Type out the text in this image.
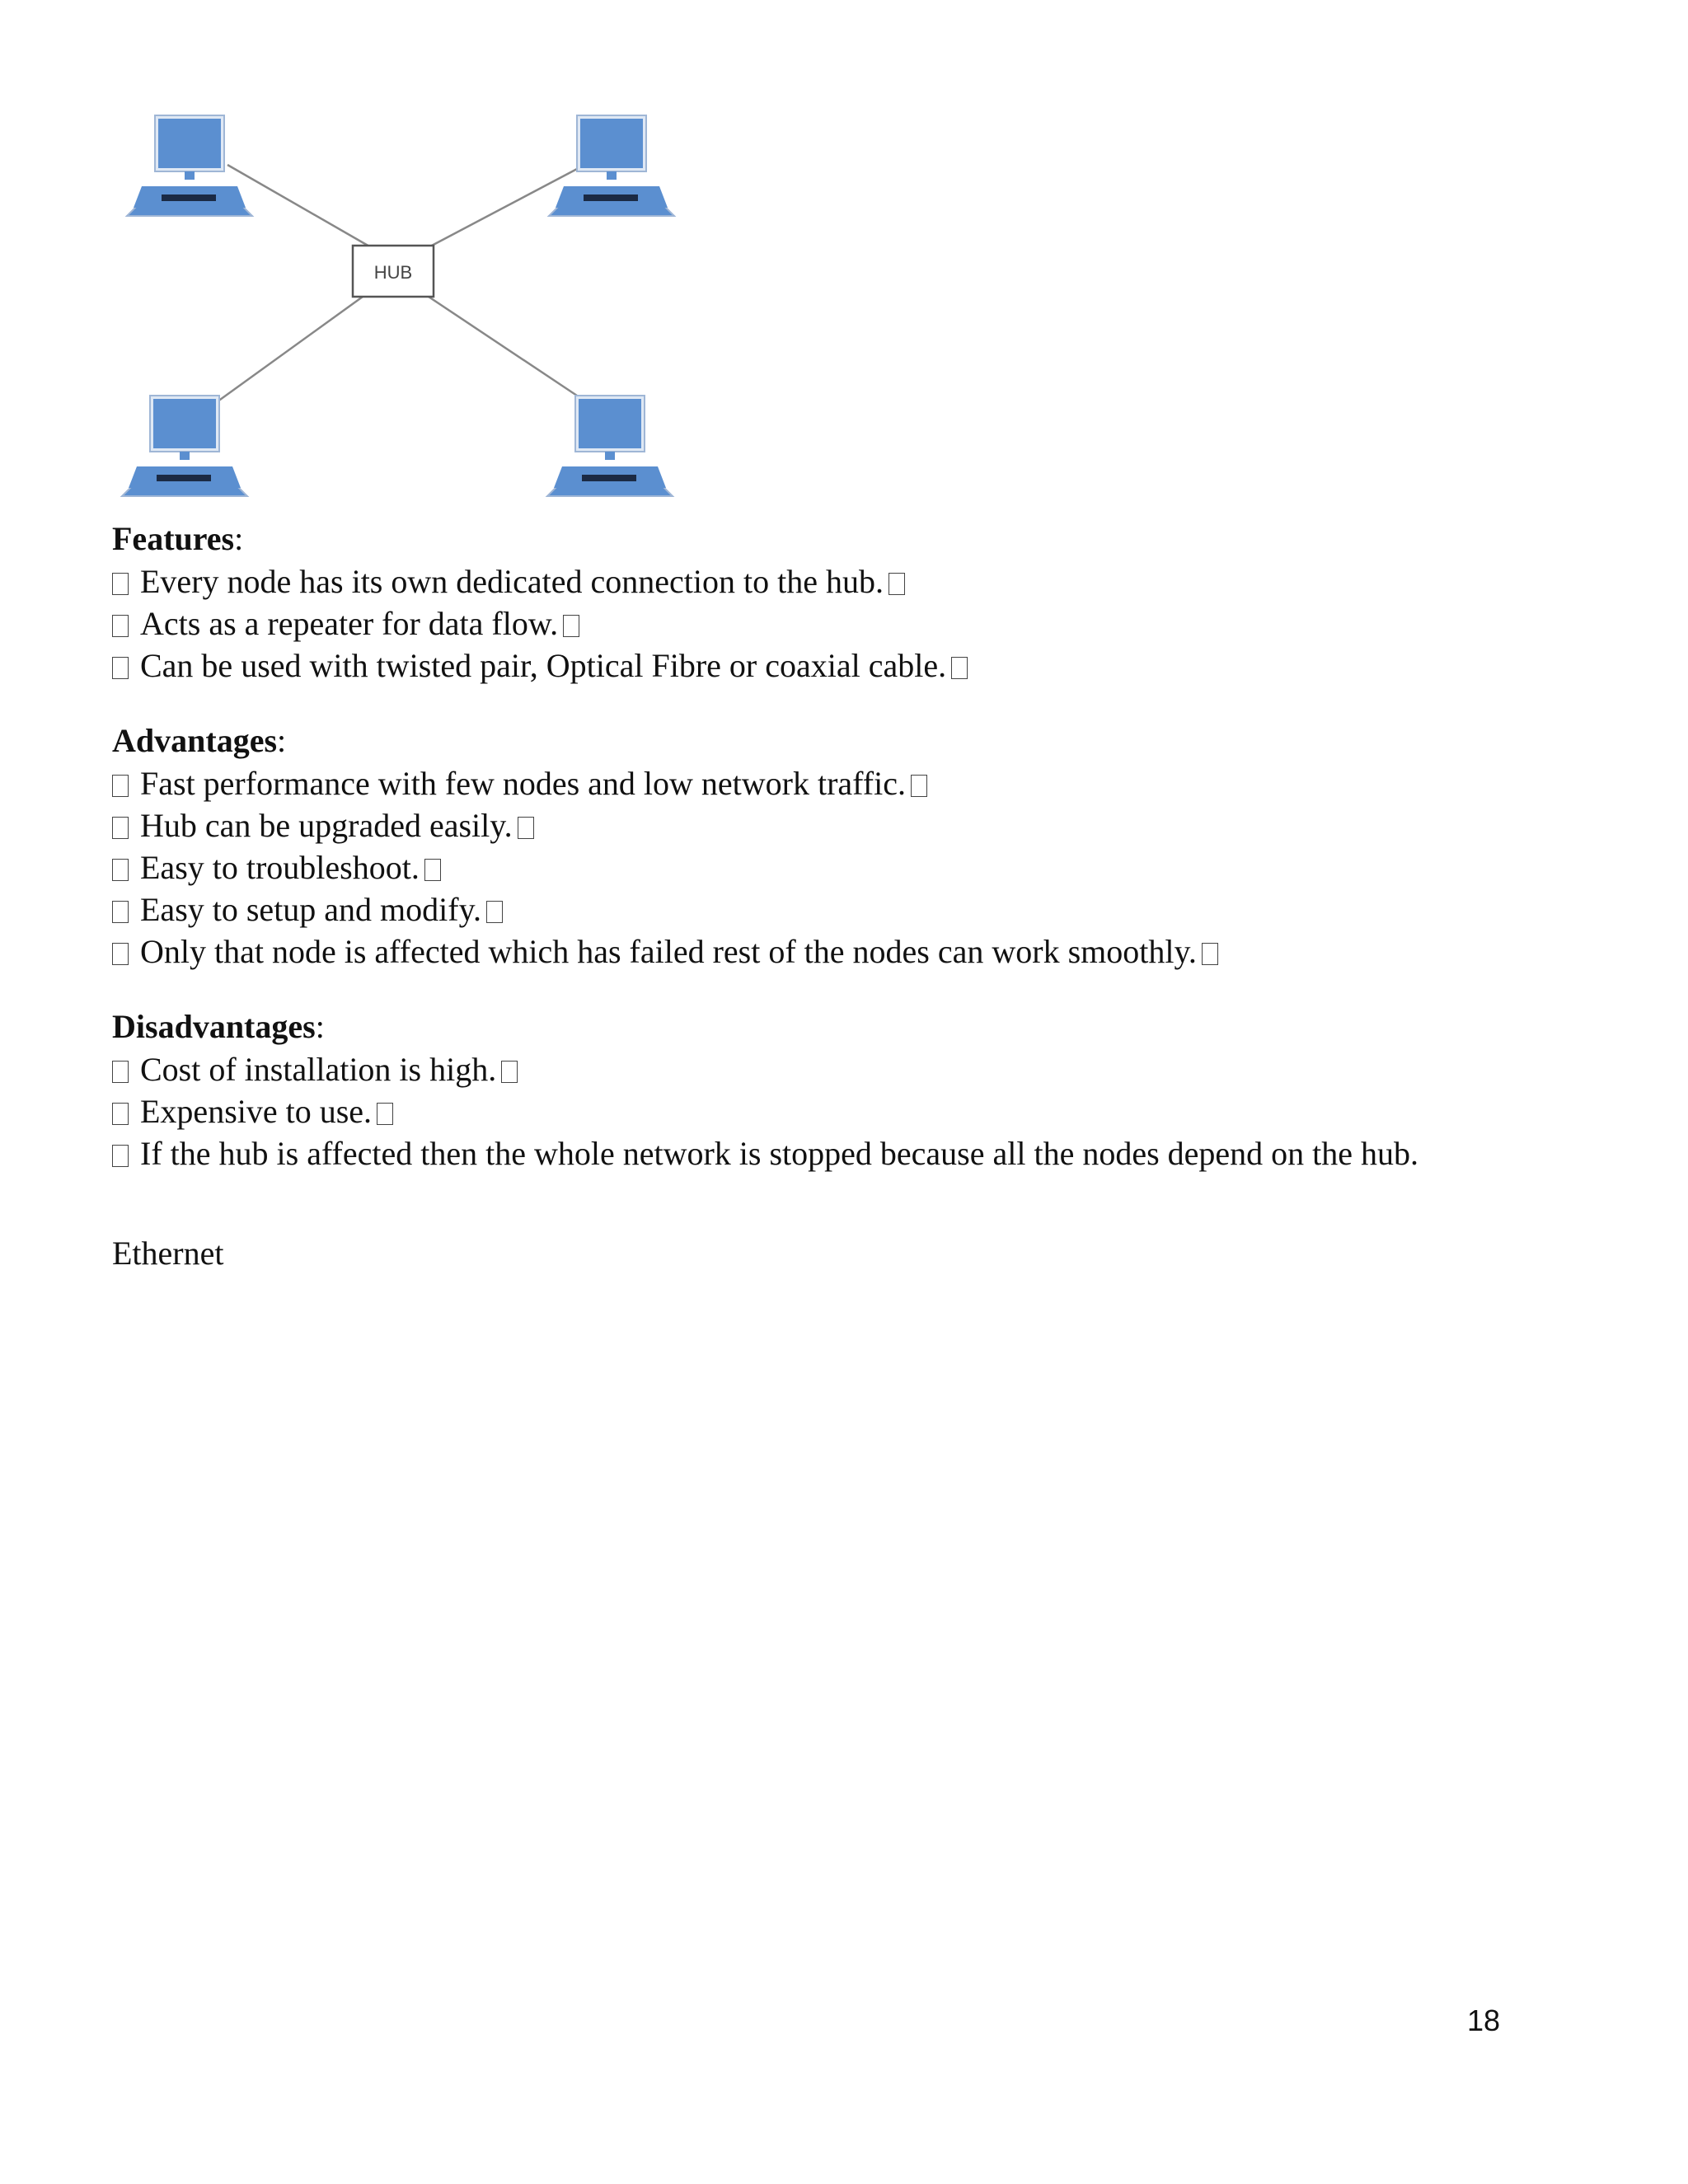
HUB
Features:
Every node has its own dedicated connection to the hub.
Acts as a repeater for data flow.
Can be used with twisted pair, Optical Fibre or coaxial cable.
Advantages:
Fast performance with few nodes and low network traffic.
Hub can be upgraded easily.
Easy to troubleshoot.
Easy to setup and modify.
Only that node is affected which has failed rest of the nodes can work smoothly.
Disadvantages:
Cost of installation is high.
Expensive to use.
If the hub is affected then the whole network is stopped because all the nodes depend on the hub.
Ethernet
18
